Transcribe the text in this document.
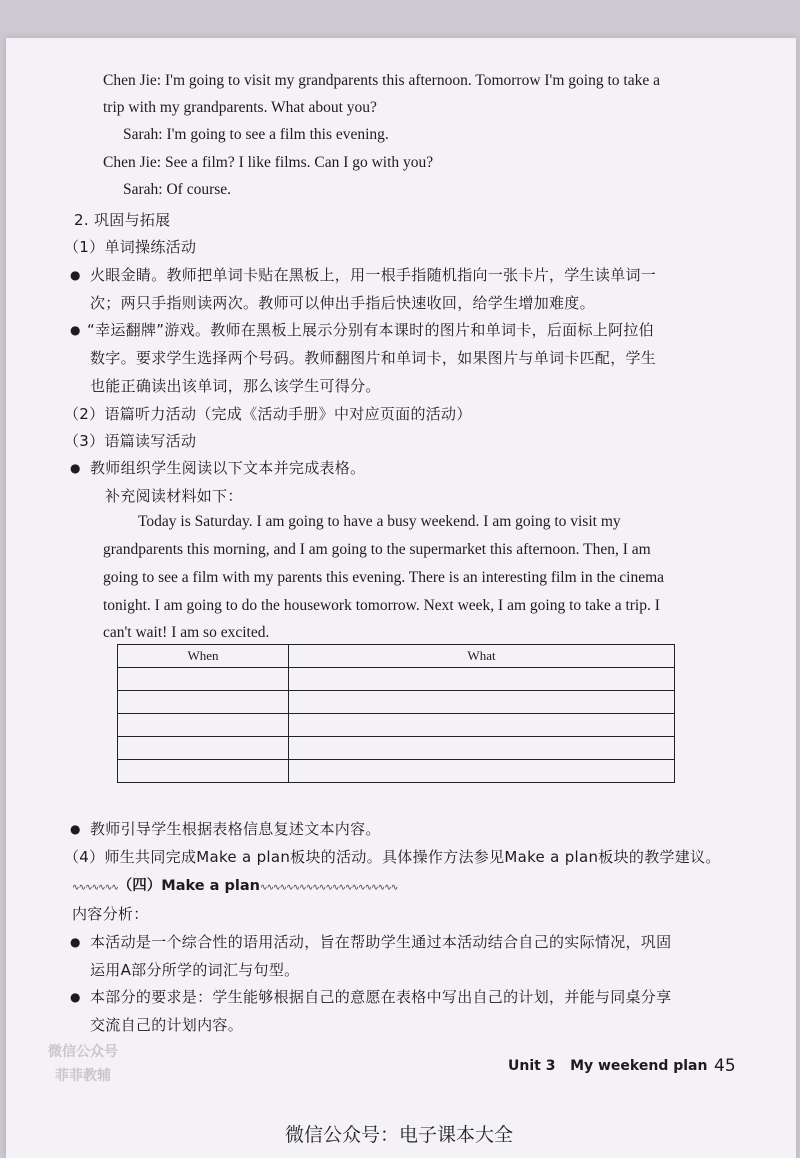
Chen Jie: I'm going to visit my grandparents this afternoon. Tomorrow I'm going to take a
trip with my grandparents. What about you?
Sarah: I'm going to see a film this evening.
Chen Jie: See a film? I like films. Can I go with you?
Sarah: Of course.
2. 巩固与拓展
（1）单词操练活动
● 火眼金睛。教师把单词卡贴在黑板上，用一根手指随机指向一张卡片，学生读单词一
次；两只手指则读两次。教师可以伸出手指后快速收回，给学生增加难度。
● “幸运翻牌”游戏。教师在黑板上展示分别有本课时的图片和单词卡，后面标上阿拉伯
数字。要求学生选择两个号码。教师翻图片和单词卡，如果图片与单词卡匹配，学生
也能正确读出该单词，那么该学生可得分。
（2）语篇听力活动（完成《活动手册》中对应页面的活动）
（3）语篇读写活动
● 教师组织学生阅读以下文本并完成表格。
补充阅读材料如下：
Today is Saturday. I am going to have a busy weekend. I am going to visit my
grandparents this morning, and I am going to the supermarket this afternoon. Then, I am
going to see a film with my parents this evening. There is an interesting film in the cinema
tonight. I am going to do the housework tomorrow. Next week, I am going to take a trip. I
can't wait! I am so excited.
When	What

● 教师引导学生根据表格信息复述文本内容。
（4）师生共同完成Make a plan板块的活动。具体操作方法参见Make a plan板块的教学建议。
∿∿∿∿∿∿∿（四）Make a plan∿∿∿∿∿∿∿∿∿∿∿∿∿∿∿∿∿∿∿∿∿
内容分析：
● 本活动是一个综合性的语用活动，旨在帮助学生通过本活动结合自己的实际情况，巩固
运用A部分所学的词汇与句型。
● 本部分的要求是：学生能够根据自己的意愿在表格中写出自己的计划，并能与同桌分享
交流自己的计划内容。
微信公众号
菲菲教辅
Unit 3   My weekend plan 45
微信公众号：电子课本大全
